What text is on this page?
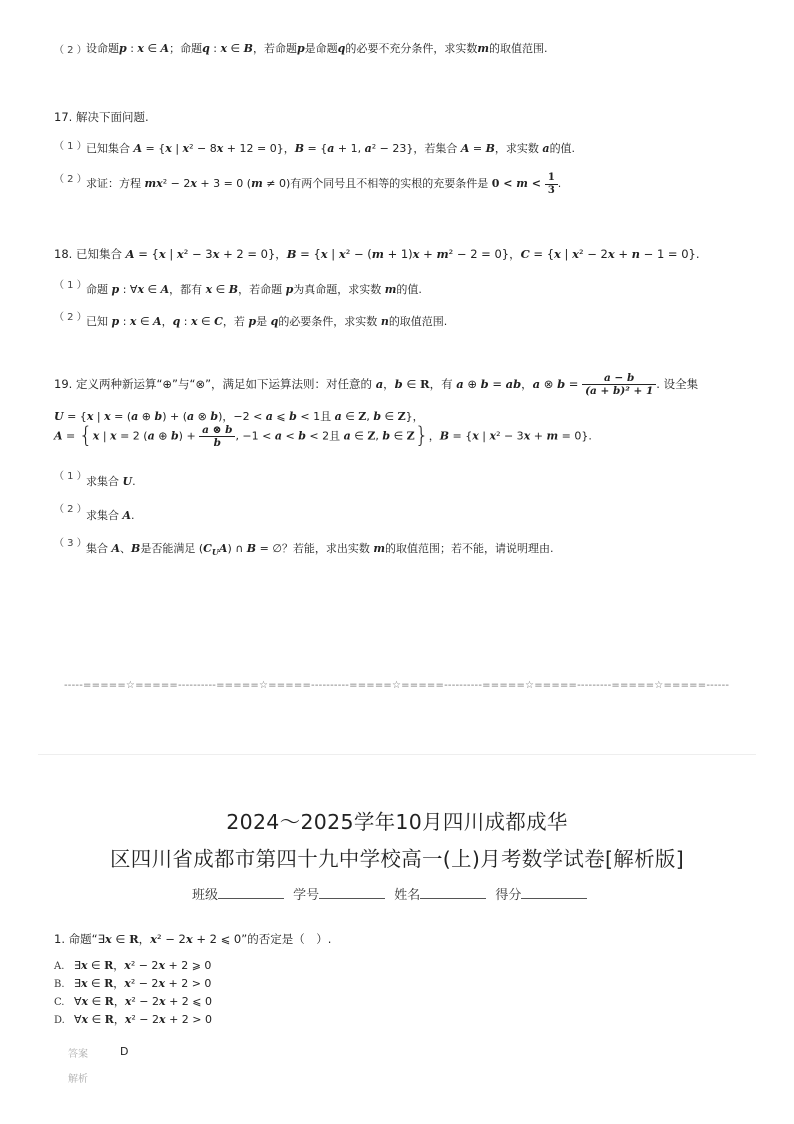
（ 2 ） 设命题p : x ∈ A；命题q : x ∈ B，若命题p是命题q的必要不充分条件，求实数m的取值范围.
17. 解决下面问题.
（ 1 ） 已知集合 A = {x | x² − 8x + 12 = 0}，B = {a + 1, a² − 23}，若集合 A = B，求实数 a的值.
（ 2 ） 求证：方程 mx² − 2x + 3 = 0 (m ≠ 0)有两个同号且不相等的实根的充要条件是 $0 < m < \frac{1}{3}$ .
18. 已知集合 A = {x | x² − 3x + 2 = 0}，B = {x | x² − (m + 1)x + m² − 2 = 0}，C = {x | x² − 2x + n − 1 = 0}.
（ 1 ） 命题 p : ∀x ∈ A，都有 x ∈ B，若命题 p为真命题，求实数 m的值.
（ 2 ） 已知 p : x ∈ A，q : x ∈ C，若 p是 q的必要条件，求实数 n的取值范围.
19. 定义两种新运算“⊕”与“⊗”，满足如下运算法则：对任意的 a，b ∈ R，有 a ⊕ b = ab，a ⊗ $b = \frac{a - b}{\text{(a + b)² + 1}}$ . 设全集
U = {x | x = (a ⊕ b) + (a ⊗ b)，−2 < a ⩽ b < 1且 a ∈ Z, b ∈ Z}，
A = {x | x = 2 (a ⊕ $b) + \frac{a \otimes b}{b}$ , −1 < a < b < 2且 a ∈ Z, b ∈ Z}，B = {x | x² − 3x + m = 0}.
（ 1 ） 求集合 U.
（ 2 ） 求集合 A.
（ 3 ） 集合 A、B是否能满足 $(C_UA)$ ∩ B = ∅？若能，求出实数 m的取值范围；若不能，请说明理由.
-----=====☆=====----------=====☆=====----------=====☆=====----------=====☆=====---------=====☆=====------
2024～2025学年10月四川成都成华
区四川省成都市第四十九中学校高一(上)月考数学试卷[解析版]
班级	学号	姓名	得分
1. 命题“∃x ∈ R，x² − 2x + 2 ⩽ 0”的否定是（　）.
A. ∃x ∈ R，x² − 2x + 2 ⩾ 0
B. ∃x ∈ R，x² − 2x + 2 > 0
C. ∀x ∈ R，x² − 2x + 2 ⩽ 0
D. ∀x ∈ R，x² − 2x + 2 > 0
答案	D
解析
